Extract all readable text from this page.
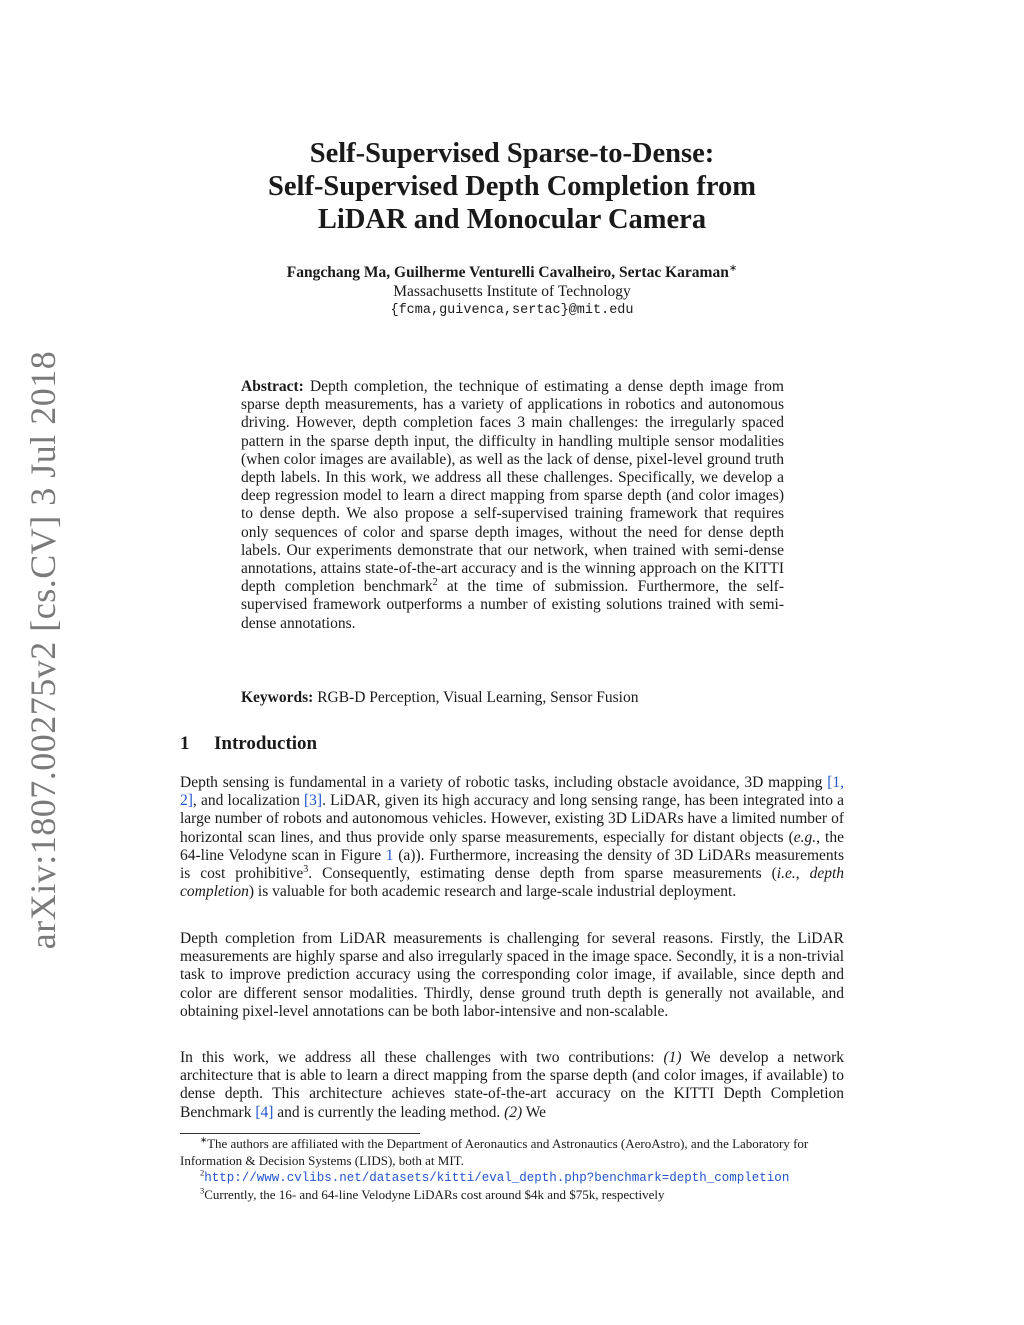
arXiv:1807.00275v2 [cs.CV] 3 Jul 2018
Self-Supervised Sparse-to-Dense:
Self-Supervised Depth Completion from
LiDAR and Monocular Camera
Fangchang Ma, Guilherme Venturelli Cavalheiro, Sertac Karaman∗
Massachusetts Institute of Technology
{fcma,guivenca,sertac}@mit.edu
Abstract: Depth completion, the technique of estimating a dense depth image from sparse depth measurements, has a variety of applications in robotics and autonomous driving. However, depth completion faces 3 main challenges: the irregularly spaced pattern in the sparse depth input, the difficulty in handling multiple sensor modalities (when color images are available), as well as the lack of dense, pixel-level ground truth depth labels. In this work, we address all these challenges. Specifically, we develop a deep regression model to learn a direct mapping from sparse depth (and color images) to dense depth. We also propose a self-supervised training framework that requires only sequences of color and sparse depth images, without the need for dense depth labels. Our experiments demonstrate that our network, when trained with semi-dense annotations, attains state-of-the-art accuracy and is the winning approach on the KITTI depth completion benchmark$^2$ at the time of submission. Furthermore, the self-supervised framework outperforms a number of existing solutions trained with semi-dense annotations.
Keywords: RGB-D Perception, Visual Learning, Sensor Fusion
1 Introduction

Depth sensing is fundamental in a variety of robotic tasks, including obstacle avoidance, 3D mapping [1, 2], and localization [3]. LiDAR, given its high accuracy and long sensing range, has been integrated into a large number of robots and autonomous vehicles. However, existing 3D LiDARs have a limited number of horizontal scan lines, and thus provide only sparse measurements, especially for distant objects (e.g., the 64-line Velodyne scan in Figure 1 (a)). Furthermore, increasing the density of 3D LiDARs measurements is cost prohibitive$^3$. Consequently, estimating dense depth from sparse measurements (i.e., depth completion) is valuable for both academic research and large-scale industrial deployment.

Depth completion from LiDAR measurements is challenging for several reasons. Firstly, the LiDAR measurements are highly sparse and also irregularly spaced in the image space. Secondly, it is a non-trivial task to improve prediction accuracy using the corresponding color image, if available, since depth and color are different sensor modalities. Thirdly, dense ground truth depth is generally not available, and obtaining pixel-level annotations can be both labor-intensive and non-scalable.

In this work, we address all these challenges with two contributions: (1) We develop a network architecture that is able to learn a direct mapping from the sparse depth (and color images, if available) to dense depth. This architecture achieves state-of-the-art accuracy on the KITTI Depth Completion Benchmark [4] and is currently the leading method. (2) We

∗The authors are affiliated with the Department of Aeronautics and Astronautics (AeroAstro), and the Laboratory for Information & Decision Systems (LIDS), both at MIT.
$^2$http://www.cvlibs.net/datasets/kitti/eval_depth.php?benchmark=depth_completion
$^3$Currently, the 16- and 64-line Velodyne LiDARs cost around $4k and $75k, respectively
